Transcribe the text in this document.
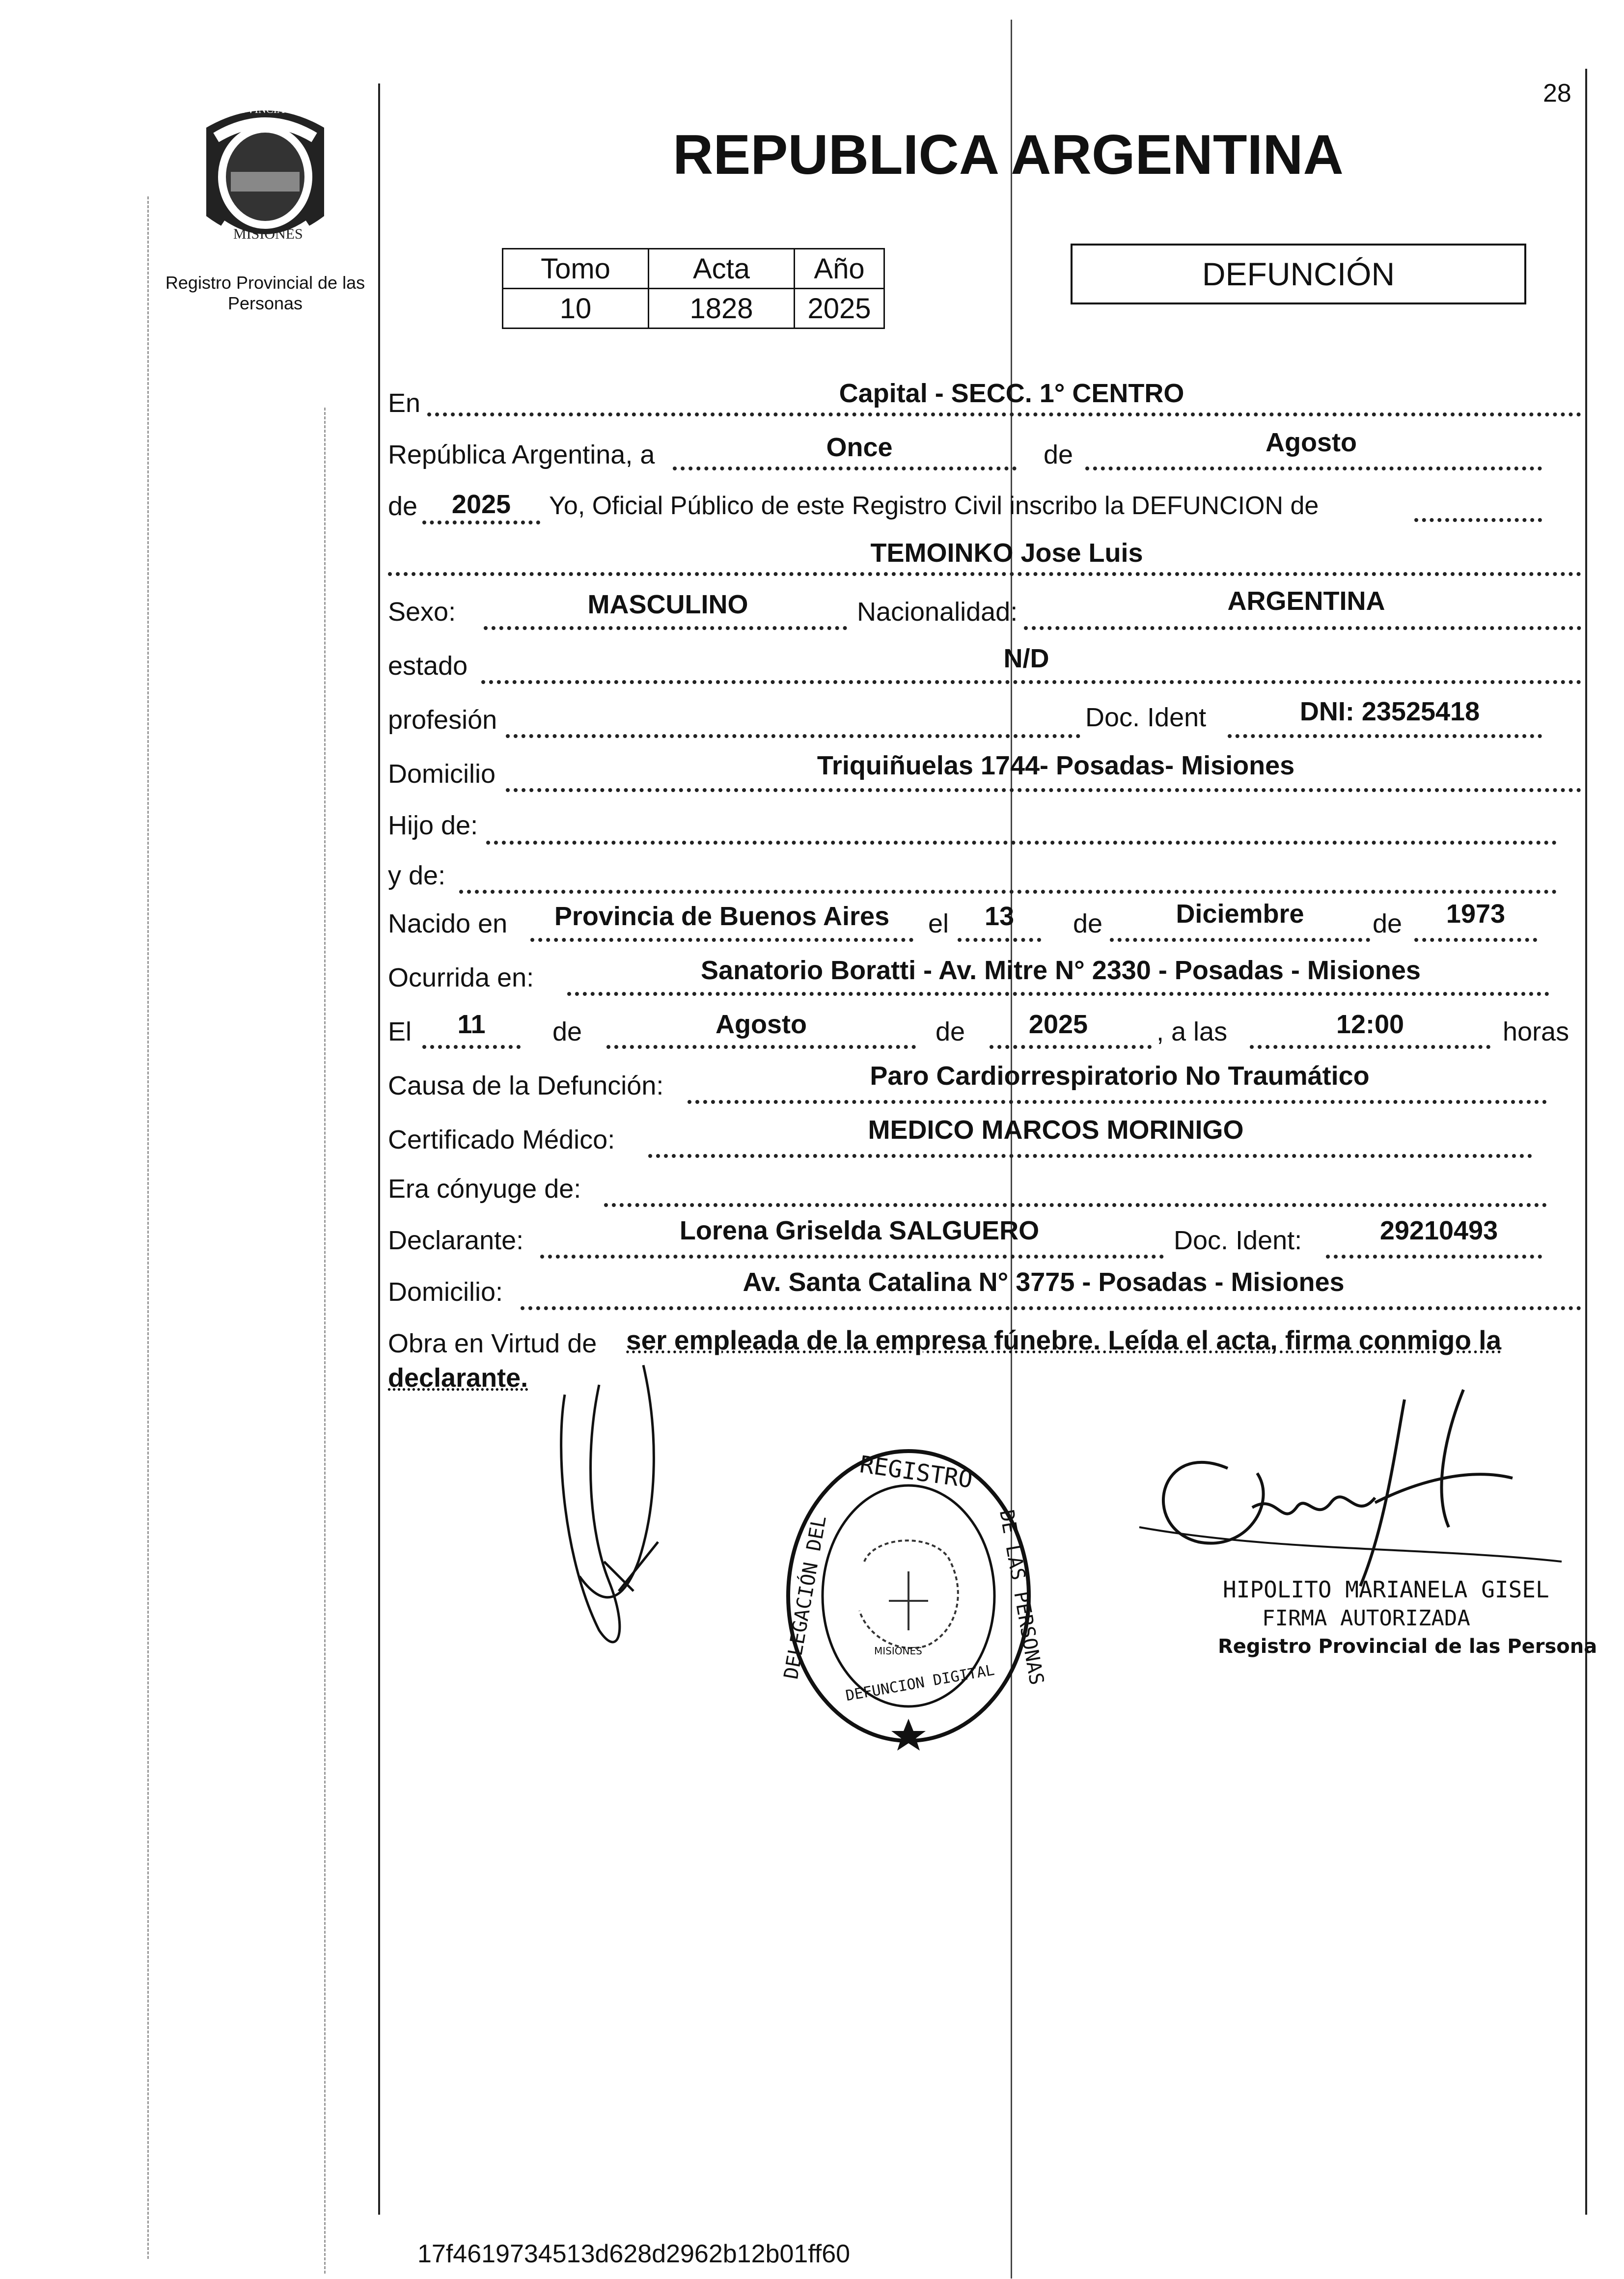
28
PROVINCIA DE
MISIONES
Registro Provincial de las Personas
REPUBLICA ARGENTINA
Tomo	Acta	Año
10	1828	2025
DEFUNCIÓN
En	Capital - SECC. 1° CENTRO
República Argentina, a	Once	de	Agosto
de	2025	Yo, Oficial Público de este Registro Civil inscribo la DEFUNCION de
TEMOINKO Jose Luis
Sexo:	MASCULINO	Nacionalidad:	ARGENTINA
estado	N/D
profesión	Doc. Ident	DNI: 23525418
Domicilio	Triquiñuelas 1744- Posadas- Misiones
Hijo de:
y de:
Nacido en	Provincia de Buenos Aires	el	13	de	Diciembre	de	1973
Ocurrida en:	Sanatorio Boratti - Av. Mitre N° 2330 - Posadas - Misiones
El	11	de	Agosto	de	2025	, a las	12:00	horas
Causa de la Defunción:	Paro Cardiorrespiratorio No Traumático
Certificado Médico:	MEDICO MARCOS MORINIGO
Era cónyuge de:
Declarante:	Lorena Griselda SALGUERO	Doc. Ident:	29210493
Domicilio:	Av. Santa Catalina N° 3775 - Posadas - Misiones
Obra en Virtud de ser empleada de la empresa fúnebre. Leída el acta, firma conmigo la
declarante.
REGISTRO
DELEGACIÓN DEL	DE LAS PERSONAS
MISIONES
DEFUNCION DIGITAL
HIPOLITO MARIANELA GISEL
FIRMA AUTORIZADA
Registro Provincial de las Persona
17f4619734513d628d2962b12b01ff60
